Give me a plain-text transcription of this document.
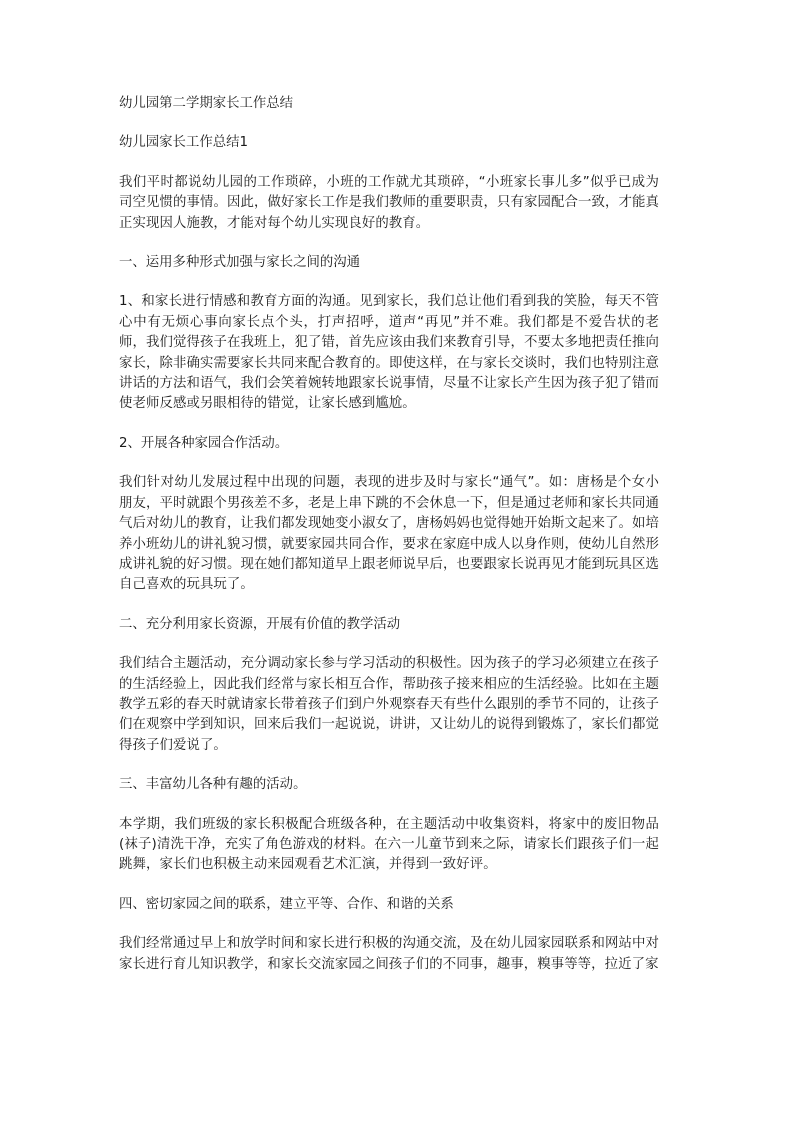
幼儿园第二学期家长工作总结

幼儿园家长工作总结1

我们平时都说幼儿园的工作琐碎，小班的工作就尤其琐碎，“小班家长事儿多”似乎已成为司空见惯的事情。因此，做好家长工作是我们教师的重要职责，只有家园配合一致，才能真正实现因人施教，才能对每个幼儿实现良好的教育。

一、运用多种形式加强与家长之间的沟通

1、和家长进行情感和教育方面的沟通。见到家长，我们总让他们看到我的笑脸，每天不管心中有无烦心事向家长点个头，打声招呼，道声“再见”并不难。我们都是不爱告状的老师，我们觉得孩子在我班上，犯了错，首先应该由我们来教育引导，不要太多地把责任推向家长，除非确实需要家长共同来配合教育的。即使这样，在与家长交谈时，我们也特别注意讲话的方法和语气，我们会笑着婉转地跟家长说事情，尽量不让家长产生因为孩子犯了错而使老师反感或另眼相待的错觉，让家长感到尴尬。

2、开展各种家园合作活动。

我们针对幼儿发展过程中出现的问题，表现的进步及时与家长“通气”。如：唐杨是个女小朋友，平时就跟个男孩差不多，老是上串下跳的不会休息一下，但是通过老师和家长共同通气后对幼儿的教育，让我们都发现她变小淑女了，唐杨妈妈也觉得她开始斯文起来了。如培养小班幼儿的讲礼貌习惯，就要家园共同合作，要求在家庭中成人以身作则，使幼儿自然形成讲礼貌的好习惯。现在她们都知道早上跟老师说早后，也要跟家长说再见才能到玩具区选自己喜欢的玩具玩了。

二、充分利用家长资源，开展有价值的教学活动

我们结合主题活动，充分调动家长参与学习活动的积极性。因为孩子的学习必须建立在孩子的生活经验上，因此我们经常与家长相互合作，帮助孩子接来相应的生活经验。比如在主题教学五彩的春天时就请家长带着孩子们到户外观察春天有些什么跟别的季节不同的，让孩子们在观察中学到知识，回来后我们一起说说，讲讲，又让幼儿的说得到锻炼了，家长们都觉得孩子们爱说了。

三、丰富幼儿各种有趣的活动。

本学期，我们班级的家长积极配合班级各种，在主题活动中收集资料，将家中的废旧物品(袜子)清洗干净，充实了角色游戏的材料。在六一儿童节到来之际，请家长们跟孩子们一起跳舞，家长们也积极主动来园观看艺术汇演，并得到一致好评。

四、密切家园之间的联系，建立平等、合作、和谐的关系

我们经常通过早上和放学时间和家长进行积极的沟通交流，及在幼儿园家园联系和网站中对家长进行育儿知识教学，和家长交流家园之间孩子们的不同事，趣事，糗事等等，拉近了家
